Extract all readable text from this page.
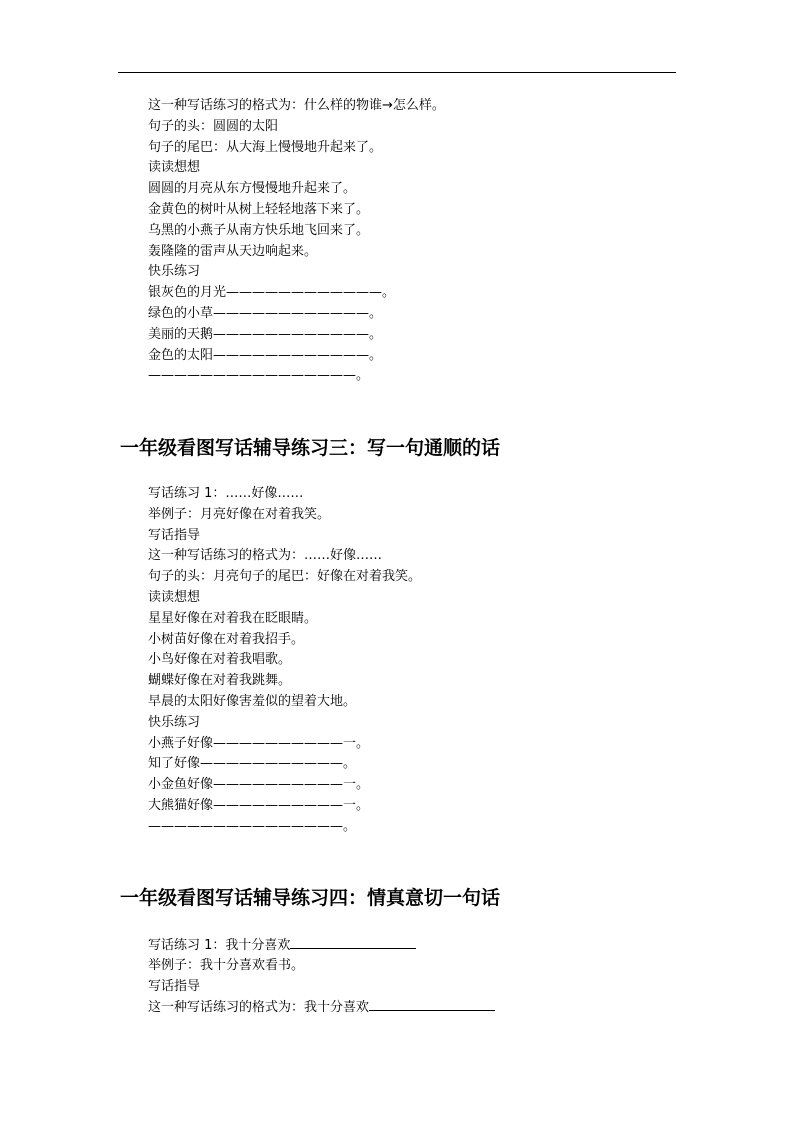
这一种写话练习的格式为：什么样的物谁→怎么样。
句子的头：圆圆的太阳
句子的尾巴：从大海上慢慢地升起来了。
读读想想
圆圆的月亮从东方慢慢地升起来了。
金黄色的树叶从树上轻轻地落下来了。
乌黑的小燕子从南方快乐地飞回来了。
轰隆隆的雷声从天边响起来。
快乐练习
银灰色的月光————————————。
绿色的小草————————————。
美丽的天鹅————————————。
金色的太阳————————————。
————————————————。
一年级看图写话辅导练习三：写一句通顺的话
写话练习 1：……好像……
举例子：月亮好像在对着我笑。
写话指导
这一种写话练习的格式为：……好像……
句子的头：月亮句子的尾巴：好像在对着我笑。
读读想想
星星好像在对着我在眨眼睛。
小树苗好像在对着我招手。
小鸟好像在对着我唱歌。
蝴蝶好像在对着我跳舞。
早晨的太阳好像害羞似的望着大地。
快乐练习
小燕子好像——————————一。
知了好像———————————。
小金鱼好像——————————一。
大熊猫好像——————————一。
———————————————。
一年级看图写话辅导练习四：情真意切一句话
写话练习 1：我十分喜欢
举例子：我十分喜欢看书。
写话指导
这一种写话练习的格式为：我十分喜欢
